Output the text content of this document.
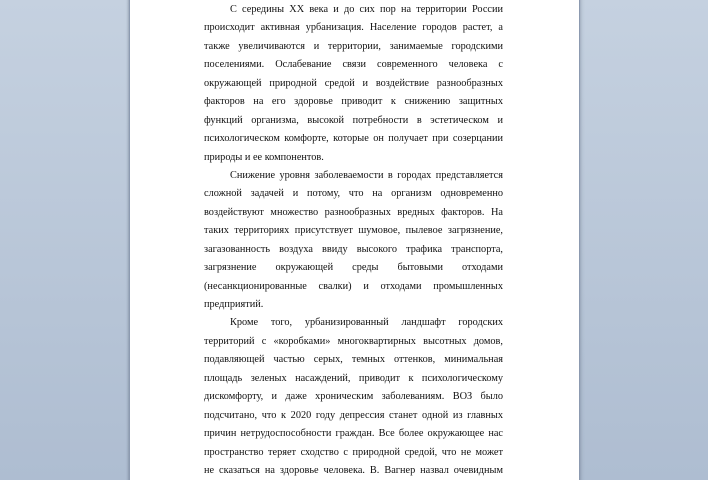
С середины XX века и до сих пор на территории России
происходит активная урбанизация. Население городов растет, а
также увеличиваются и территории, занимаемые городскими
поселениями. Ослабевание связи современного человека с
окружающей природной средой и воздействие разнообразных
факторов на его здоровье приводит к снижению защитных
функций организма, высокой потребности в эстетическом и
психологическом комфорте, которые он получает при созерцании
природы и ее компонентов.
Снижение уровня заболеваемости в городах представляется
сложной задачей и потому, что на организм одновременно
воздействуют множество разнообразных вредных факторов. На
таких территориях присутствует шумовое, пылевое загрязнение,
загазованность воздуха ввиду высокого трафика транспорта,
загрязнение окружающей среды бытовыми отходами
(несанкционированные свалки) и отходами промышленных
предприятий.
Кроме того, урбанизированный ландшафт городских
территорий с «коробками» многоквартирных высотных домов,
подавляющей частью серых, темных оттенков, минимальная
площадь зеленых насаждений, приводит к психологическому
дискомфорту, и даже хроническим заболеваниям. ВОЗ было
подсчитано, что к 2020 году депрессия станет одной из главных
причин нетрудоспособности граждан. Все более окружающее нас
пространство теряет сходство с природной средой, что не может
не сказаться на здоровье человека. В. Вагнер назвал очевидным
